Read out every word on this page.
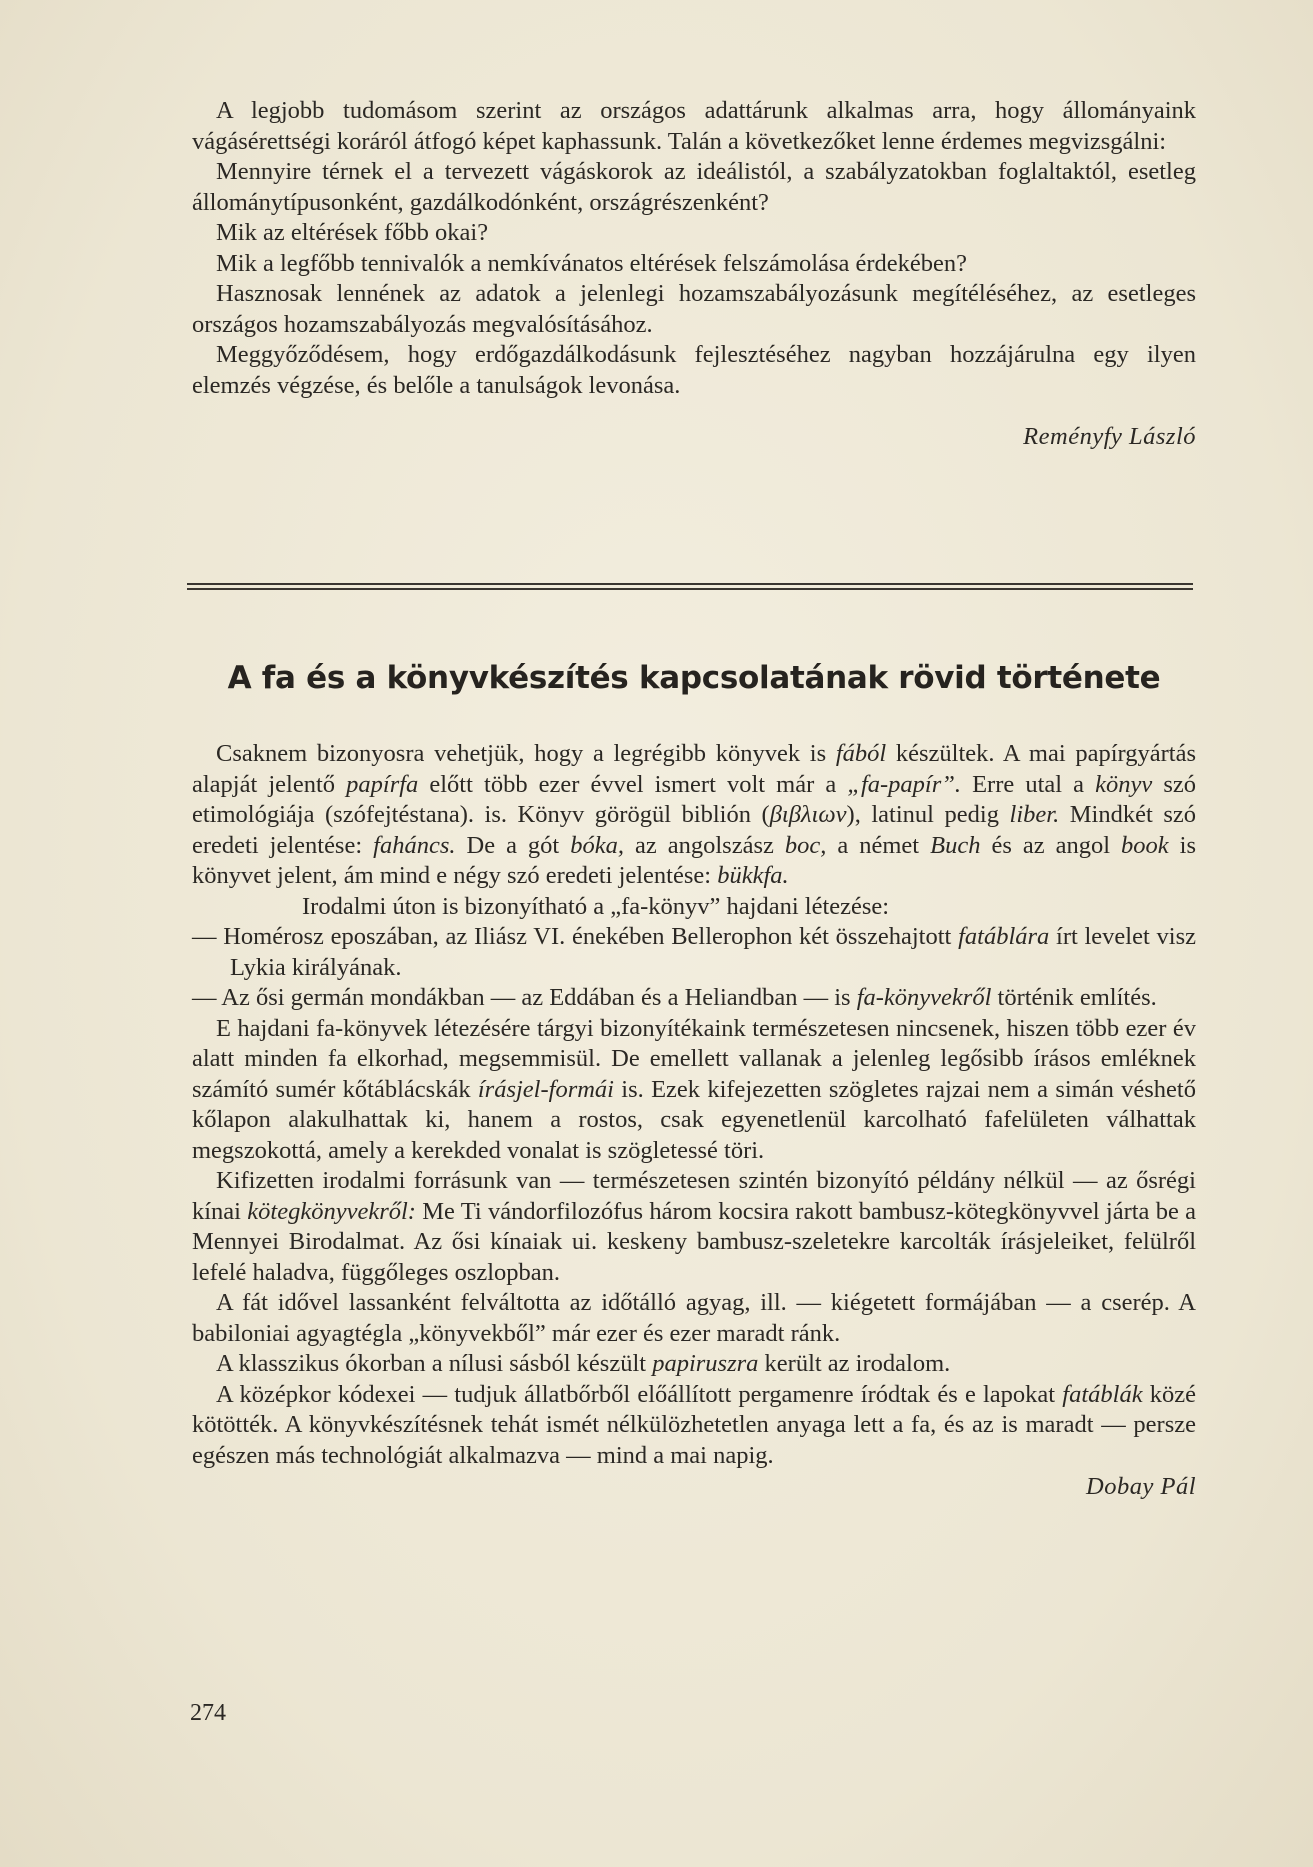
A legjobb tudomásom szerint az országos adattárunk alkalmas arra, hogy állományaink vágásérettségi koráról átfogó képet kaphassunk. Talán a következőket lenne érdemes megvizsgálni:

Mennyire térnek el a tervezett vágáskorok az ideálistól, a szabályzatokban foglaltaktól, esetleg állománytípusonként, gazdálkodónként, országrészenként?

Mik az eltérések főbb okai?

Mik a legfőbb tennivalók a nemkívánatos eltérések felszámolása érdekében?

Hasznosak lennének az adatok a jelenlegi hozamszabályozásunk megítéléséhez, az esetleges országos hozamszabályozás megvalósításához.

Meggyőződésem, hogy erdőgazdálkodásunk fejlesztéséhez nagyban hozzájárulna egy ilyen elemzés végzése, és belőle a tanulságok levonása.

Reményfy László

A fa és a könyvkészítés kapcsolatának rövid története

Csaknem bizonyosra vehetjük, hogy a legrégibb könyvek is fából készültek. A mai papírgyártás alapját jelentő papírfa előtt több ezer évvel ismert volt már a „fa-papír”. Erre utal a könyv szó etimológiája (szófejtéstana). is. Könyv görögül biblión (βιβλιων), latinul pedig liber. Mindkét szó eredeti jelentése: faháncs. De a gót bóka, az angolszász boc, a német Buch és az angol book is könyvet jelent, ám mind e négy szó eredeti jelentése: bükkfa.

Irodalmi úton is bizonyítható a „fa-könyv” hajdani létezése:

— Homérosz eposzában, az Iliász VI. énekében Bellerophon két összehajtott fatáblára írt levelet visz Lykia királyának.

— Az ősi germán mondákban — az Eddában és a Heliandban — is fa-könyvekről történik említés.

E hajdani fa-könyvek létezésére tárgyi bizonyítékaink természetesen nincsenek, hiszen több ezer év alatt minden fa elkorhad, megsemmisül. De emellett vallanak a jelenleg legősibb írásos emléknek számító sumér kőtáblácskák írásjel-formái is. Ezek kifejezetten szögletes rajzai nem a simán véshető kőlapon alakulhattak ki, hanem a rostos, csak egyenetlenül karcolható fafelületen válhattak megszokottá, amely a kerekded vonalat is szögletessé töri.

Kifizetten irodalmi forrásunk van — természetesen szintén bizonyító példány nélkül — az ősrégi kínai kötegkönyvekről: Me Ti vándorfilozófus három kocsira rakott bambusz-kötegkönyvvel járta be a Mennyei Birodalmat. Az ősi kínaiak ui. keskeny bambusz-szeletekre karcolták írásjeleiket, felülről lefelé haladva, függőleges oszlopban.

A fát idővel lassanként felváltotta az időtálló agyag, ill. — kiégetett formájában — a cserép. A babiloniai agyagtégla „könyvekből” már ezer és ezer maradt ránk.

A klasszikus ókorban a nílusi sásból készült papiruszra került az irodalom.

A középkor kódexei — tudjuk állatbőrből előállított pergamenre íródtak és e lapokat fatáblák közé kötötték. A könyvkészítésnek tehát ismét nélkülözhetetlen anyaga lett a fa, és az is maradt — persze egészen más technológiát alkalmazva — mind a mai napig.

Dobay Pál

274
